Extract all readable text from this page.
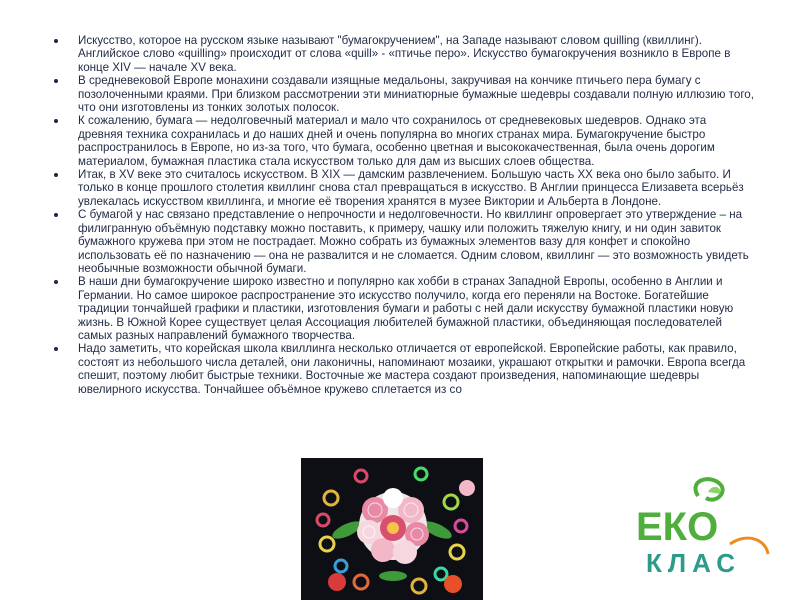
Искусство, которое на русском языке называют "бумагокручением", на Западе называют словом quilling (квиллинг). Английское слово «quilling» происходит от слова «quill» - «птичье перо». Искусство бумагокручения возникло в Европе в конце XIV — начале XV века.
В средневековой Европе монахини создавали изящные медальоны, закручивая на кончике птичьего пера бумагу с позолоченными краями. При близком рассмотрении эти миниатюрные бумажные шедевры создавали полную иллюзию того, что они изготовлены из тонких золотых полосок.
К сожалению, бумага — недолговечный материал и мало что сохранилось от средневековых шедевров. Однако эта древняя техника сохранилась и до наших дней и очень популярна во многих странах мира. Бумагокручение быстро распространилось в Европе, но из-за того, что бумага, особенно цветная и высококачественная, была очень дорогим материалом, бумажная пластика стала искусством только для дам из высших слоев общества.
Итак, в XV веке это считалось искусством. В XIX — дамским развлечением. Большую часть XX века оно было забыто. И только в конце прошлого столетия квиллинг снова стал превращаться в искусство. В Англии принцесса Елизавета всерьёз увлекалась искусством квиллинга, и многие её творения хранятся в музее Виктории и Альберта в Лондоне.
С бумагой у нас связано представление о непрочности и недолговечности. Но квиллинг опровергает это утверждение – на филигранную объёмную подставку можно поставить, к примеру, чашку или положить тяжелую книгу, и ни один завиток бумажного кружева при этом не пострадает. Можно собрать из бумажных элементов вазу для конфет и спокойно использовать её по назначению — она не развалится и не сломается. Одним словом, квиллинг — это возможность увидеть необычные возможности обычной бумаги.
В наши дни бумагокручение широко известно и популярно как хобби в странах Западной Европы, особенно в Англии и Германии. Но самое широкое распространение это искусство получило, когда его переняли на Востоке. Богатейшие традиции тончайшей графики и пластики, изготовления бумаги и работы с ней дали искусству бумажной пластики новую жизнь. В Южной Корее существует целая Ассоциация любителей бумажной пластики, объединяющая последователей самых разных направлений бумажного творчества.
Надо заметить, что корейская школа квиллинга несколько отличается от европейской. Европейские работы, как правило, состоят из небольшого числа деталей, они лаконичны, напоминают мозаики, украшают открытки и рамочки. Европа всегда спешит, поэтому любит быстрые техники. Восточные же мастера создают произведения, напоминающие шедевры ювелирного искусства. Тончайшее объёмное кружево сплетается из со
ЕКО
КЛАС
